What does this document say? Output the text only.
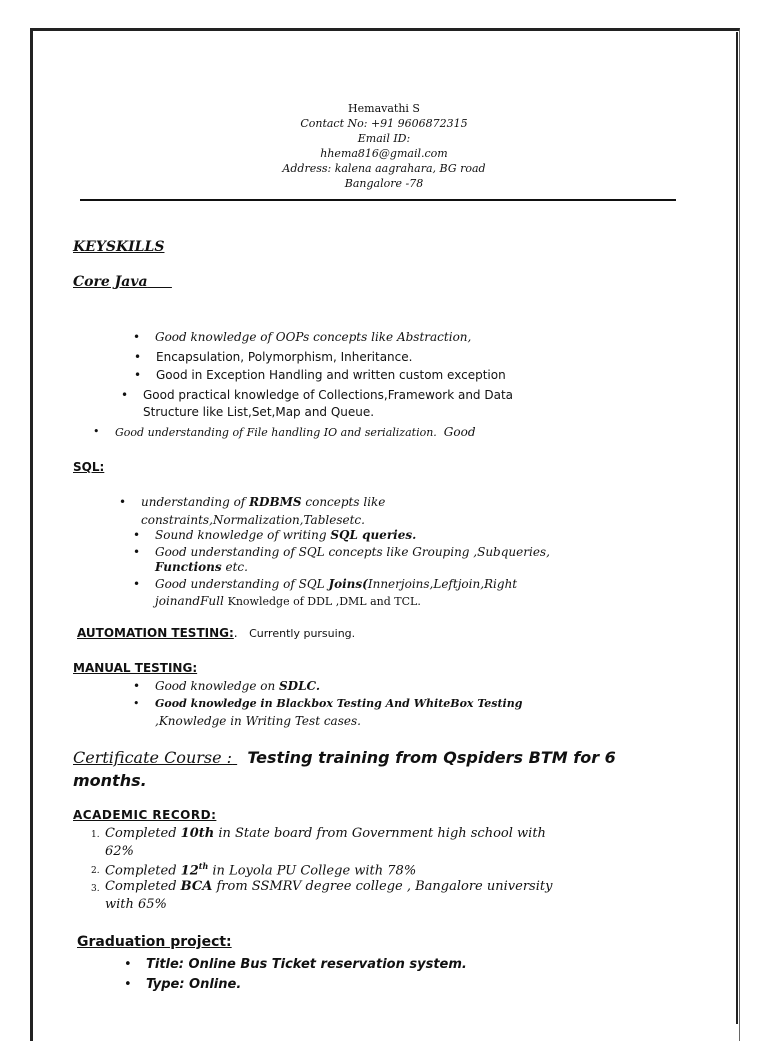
Hemavathi S
Contact No: +91 9606872315
Email ID:
hhema816@gmail.com
Address: kalena aagrahara, BG road
Bangalore -78
KEYSKILLS
Core Java
• Good knowledge of OOPs concepts like Abstraction,
• Encapsulation, Polymorphism, Inheritance.
• Good in Exception Handling and written custom exception
• Good practical knowledge of Collections,Framework and Data
Structure like List,Set,Map and Queue.
• Good understanding of File handling IO and serialization. Good
SQL:
• understanding of RDBMS concepts like
constraints,Normalization,Tablesetc.
• Sound knowledge of writing SQL queries.
• Good understanding of SQL concepts like Grouping ,Subqueries,
Functions etc.
• Good understanding of SQL Joins(Innerjoins,Leftjoin,Right
joinandFull Knowledge of DDL ,DML and TCL.
AUTOMATION TESTING:. Currently pursuing.
MANUAL TESTING:
• Good knowledge on SDLC.
• Good knowledge in Blackbox Testing And WhiteBox Testing
,Knowledge in Writing Test cases.
Certificate Course : Testing training from Qspiders BTM for 6
months.
ACADEMIC RECORD:
1. Completed 10th in State board from Government high school with
62%
2. Completed 12th in Loyola PU College with 78%
3. Completed BCA from SSMRV degree college , Bangalore university
with 65%
Graduation project:
• Title: Online Bus Ticket reservation system.
• Type: Online.
